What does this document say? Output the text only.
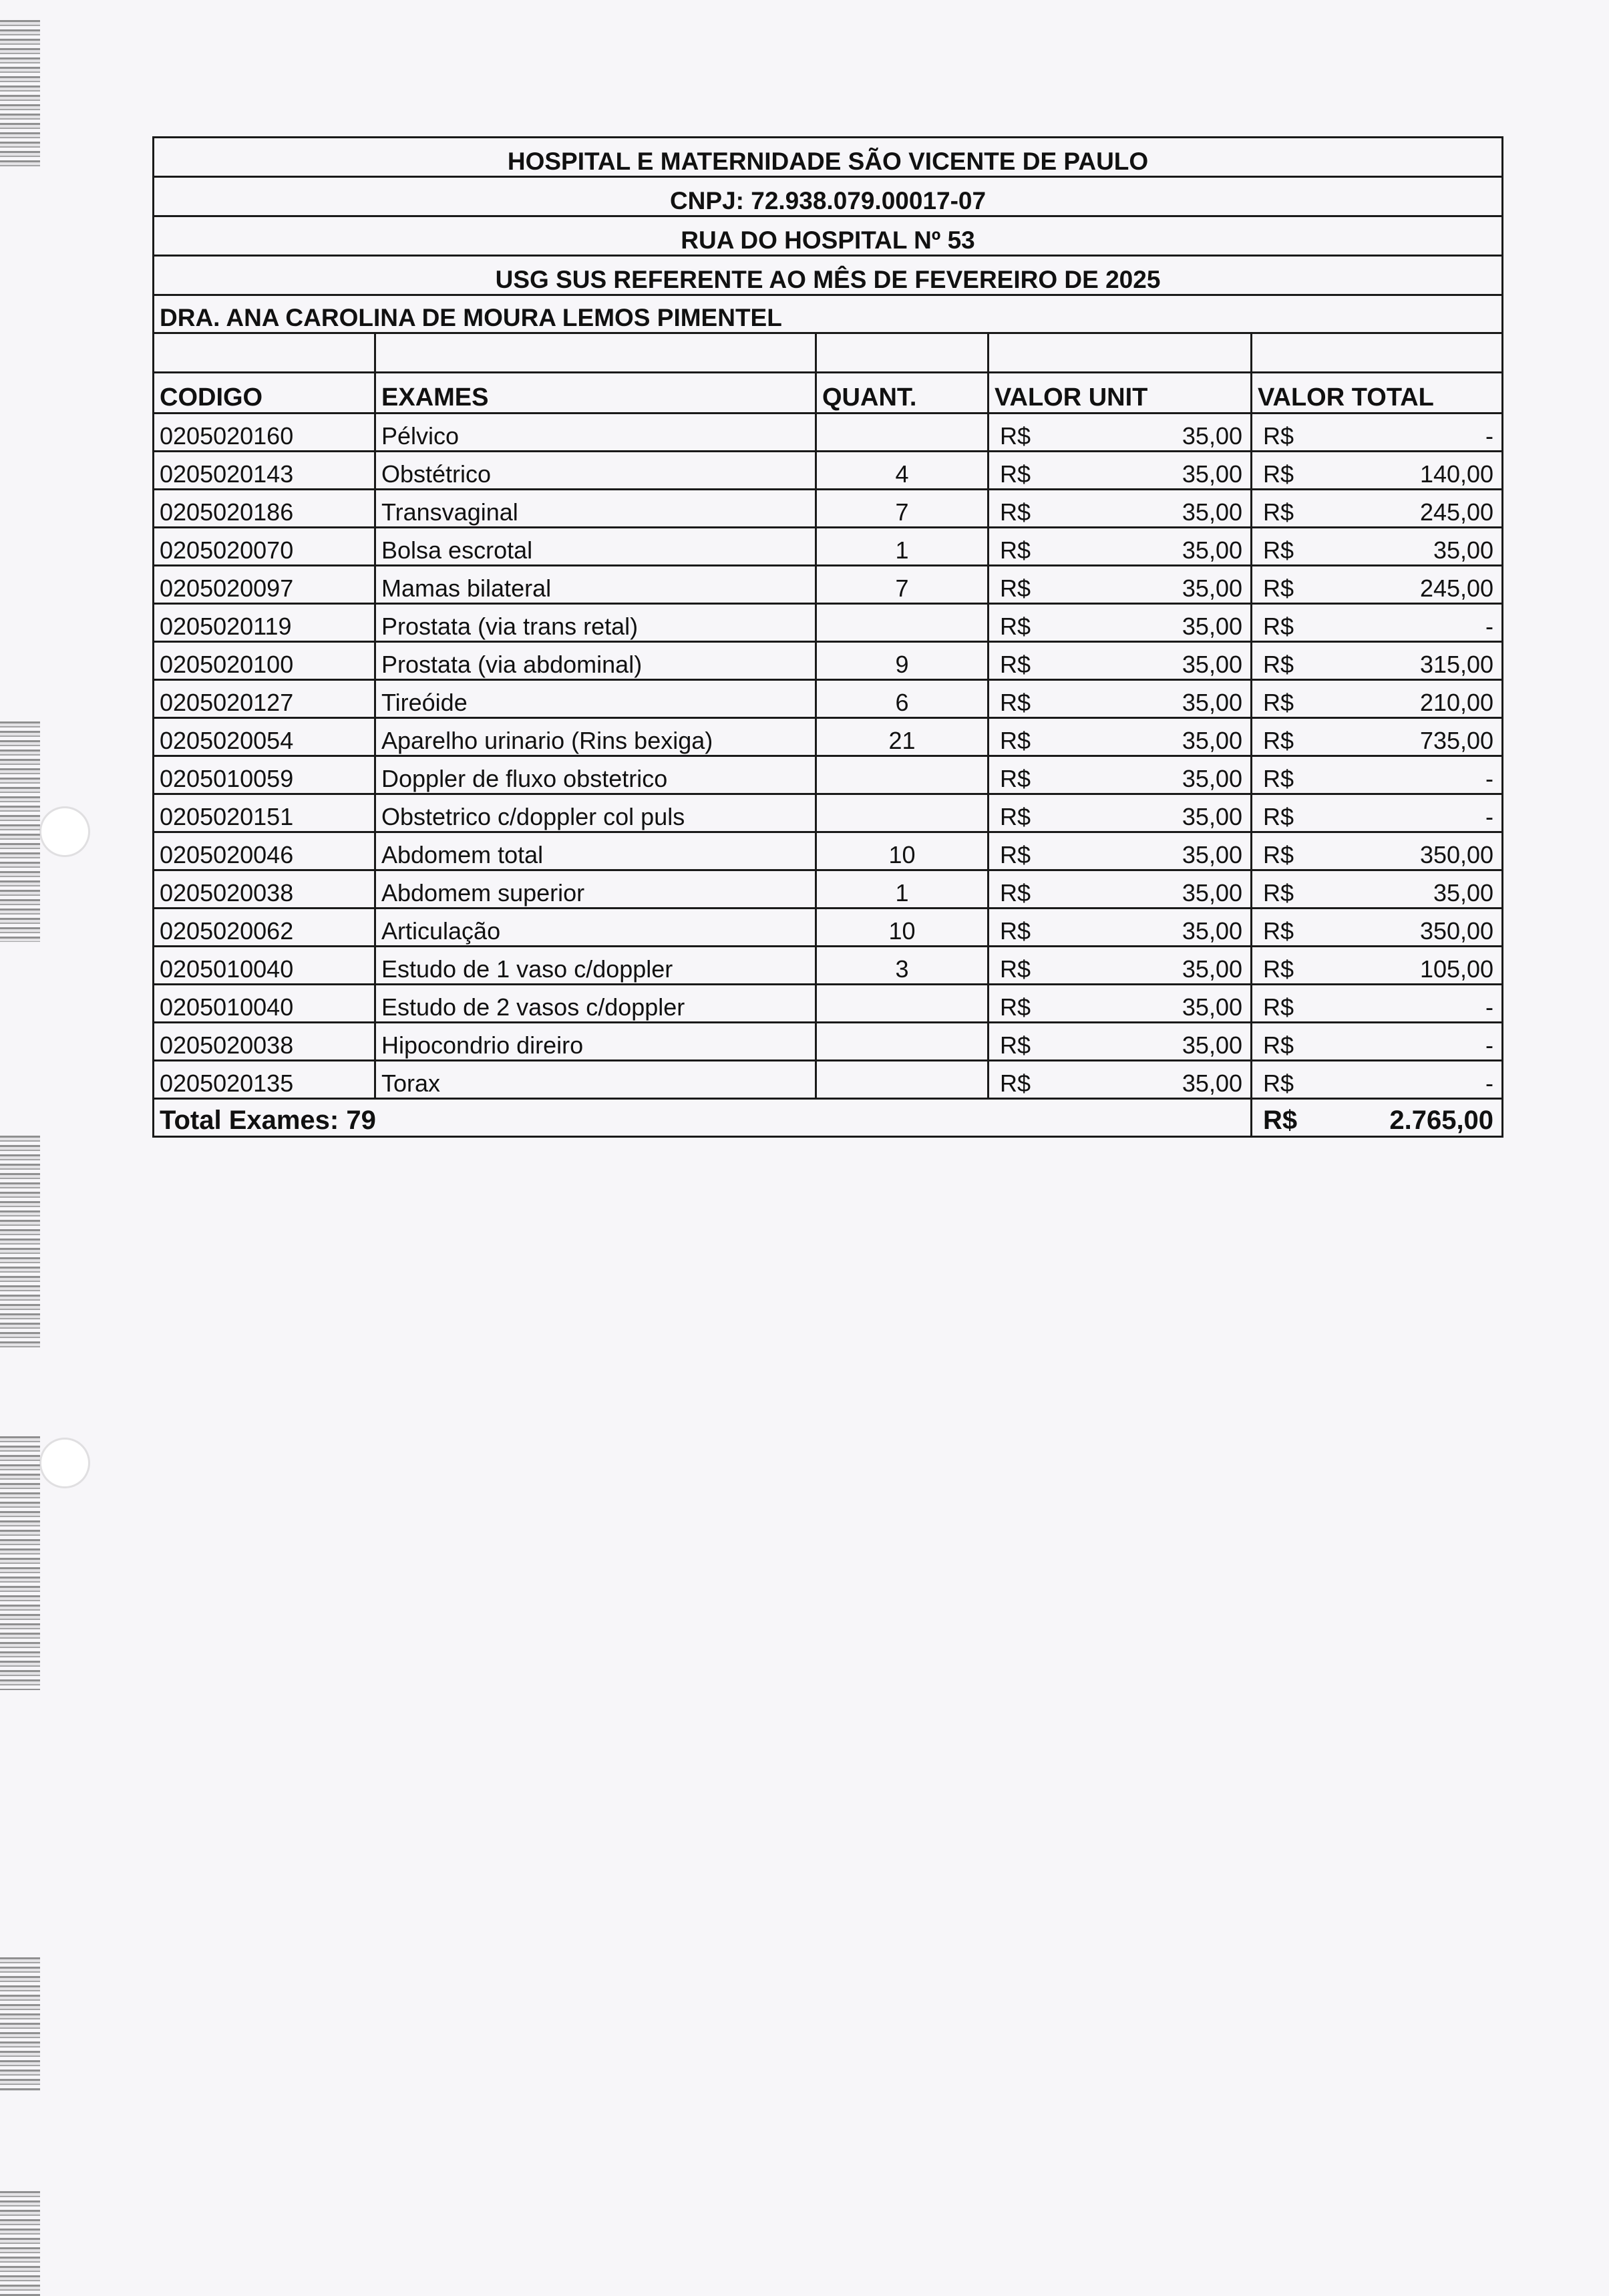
HOSPITAL E MATERNIDADE SÃO VICENTE DE PAULO				
CNPJ: 72.938.079.00017-07				
RUA DO HOSPITAL Nº 53				
USG SUS REFERENTE AO MÊS DE FEVEREIRO DE 2025				
DRA. ANA CAROLINA DE MOURA LEMOS PIMENTEL				

CODIGO	EXAMES	QUANT.	VALOR UNIT	VALOR TOTAL
0205020160	Pélvico		R$ 35,00	R$ -

0205020143	Obstétrico	4	R$ 35,00	R$ 140,00

0205020186	Transvaginal	7	R$ 35,00	R$ 245,00

0205020070	Bolsa escrotal	1	R$ 35,00	R$ 35,00

0205020097	Mamas bilateral	7	R$ 35,00	R$ 245,00

0205020119	Prostata (via trans retal)		R$ 35,00	R$ -

0205020100	Prostata (via abdominal)	9	R$ 35,00	R$ 315,00

0205020127	Tireóide	6	R$ 35,00	R$ 210,00

0205020054	Aparelho urinario (Rins bexiga)	21	R$ 35,00	R$ 735,00

0205010059	Doppler de fluxo obstetrico		R$ 35,00	R$ -

0205020151	Obstetrico c/doppler col puls		R$ 35,00	R$ -

0205020046	Abdomem total	10	R$ 35,00	R$ 350,00

0205020038	Abdomem superior	1	R$ 35,00	R$ 35,00

0205020062	Articulação	10	R$ 35,00	R$ 350,00

0205010040	Estudo de 1 vaso c/doppler	3	R$ 35,00	R$ 105,00

0205010040	Estudo de 2 vasos c/doppler		R$ 35,00	R$ -

0205020038	Hipocondrio direiro		R$ 35,00	R$ -

0205020135	Torax		R$ 35,00	R$ -

Total Exames: 79				R$ 2.765,00
